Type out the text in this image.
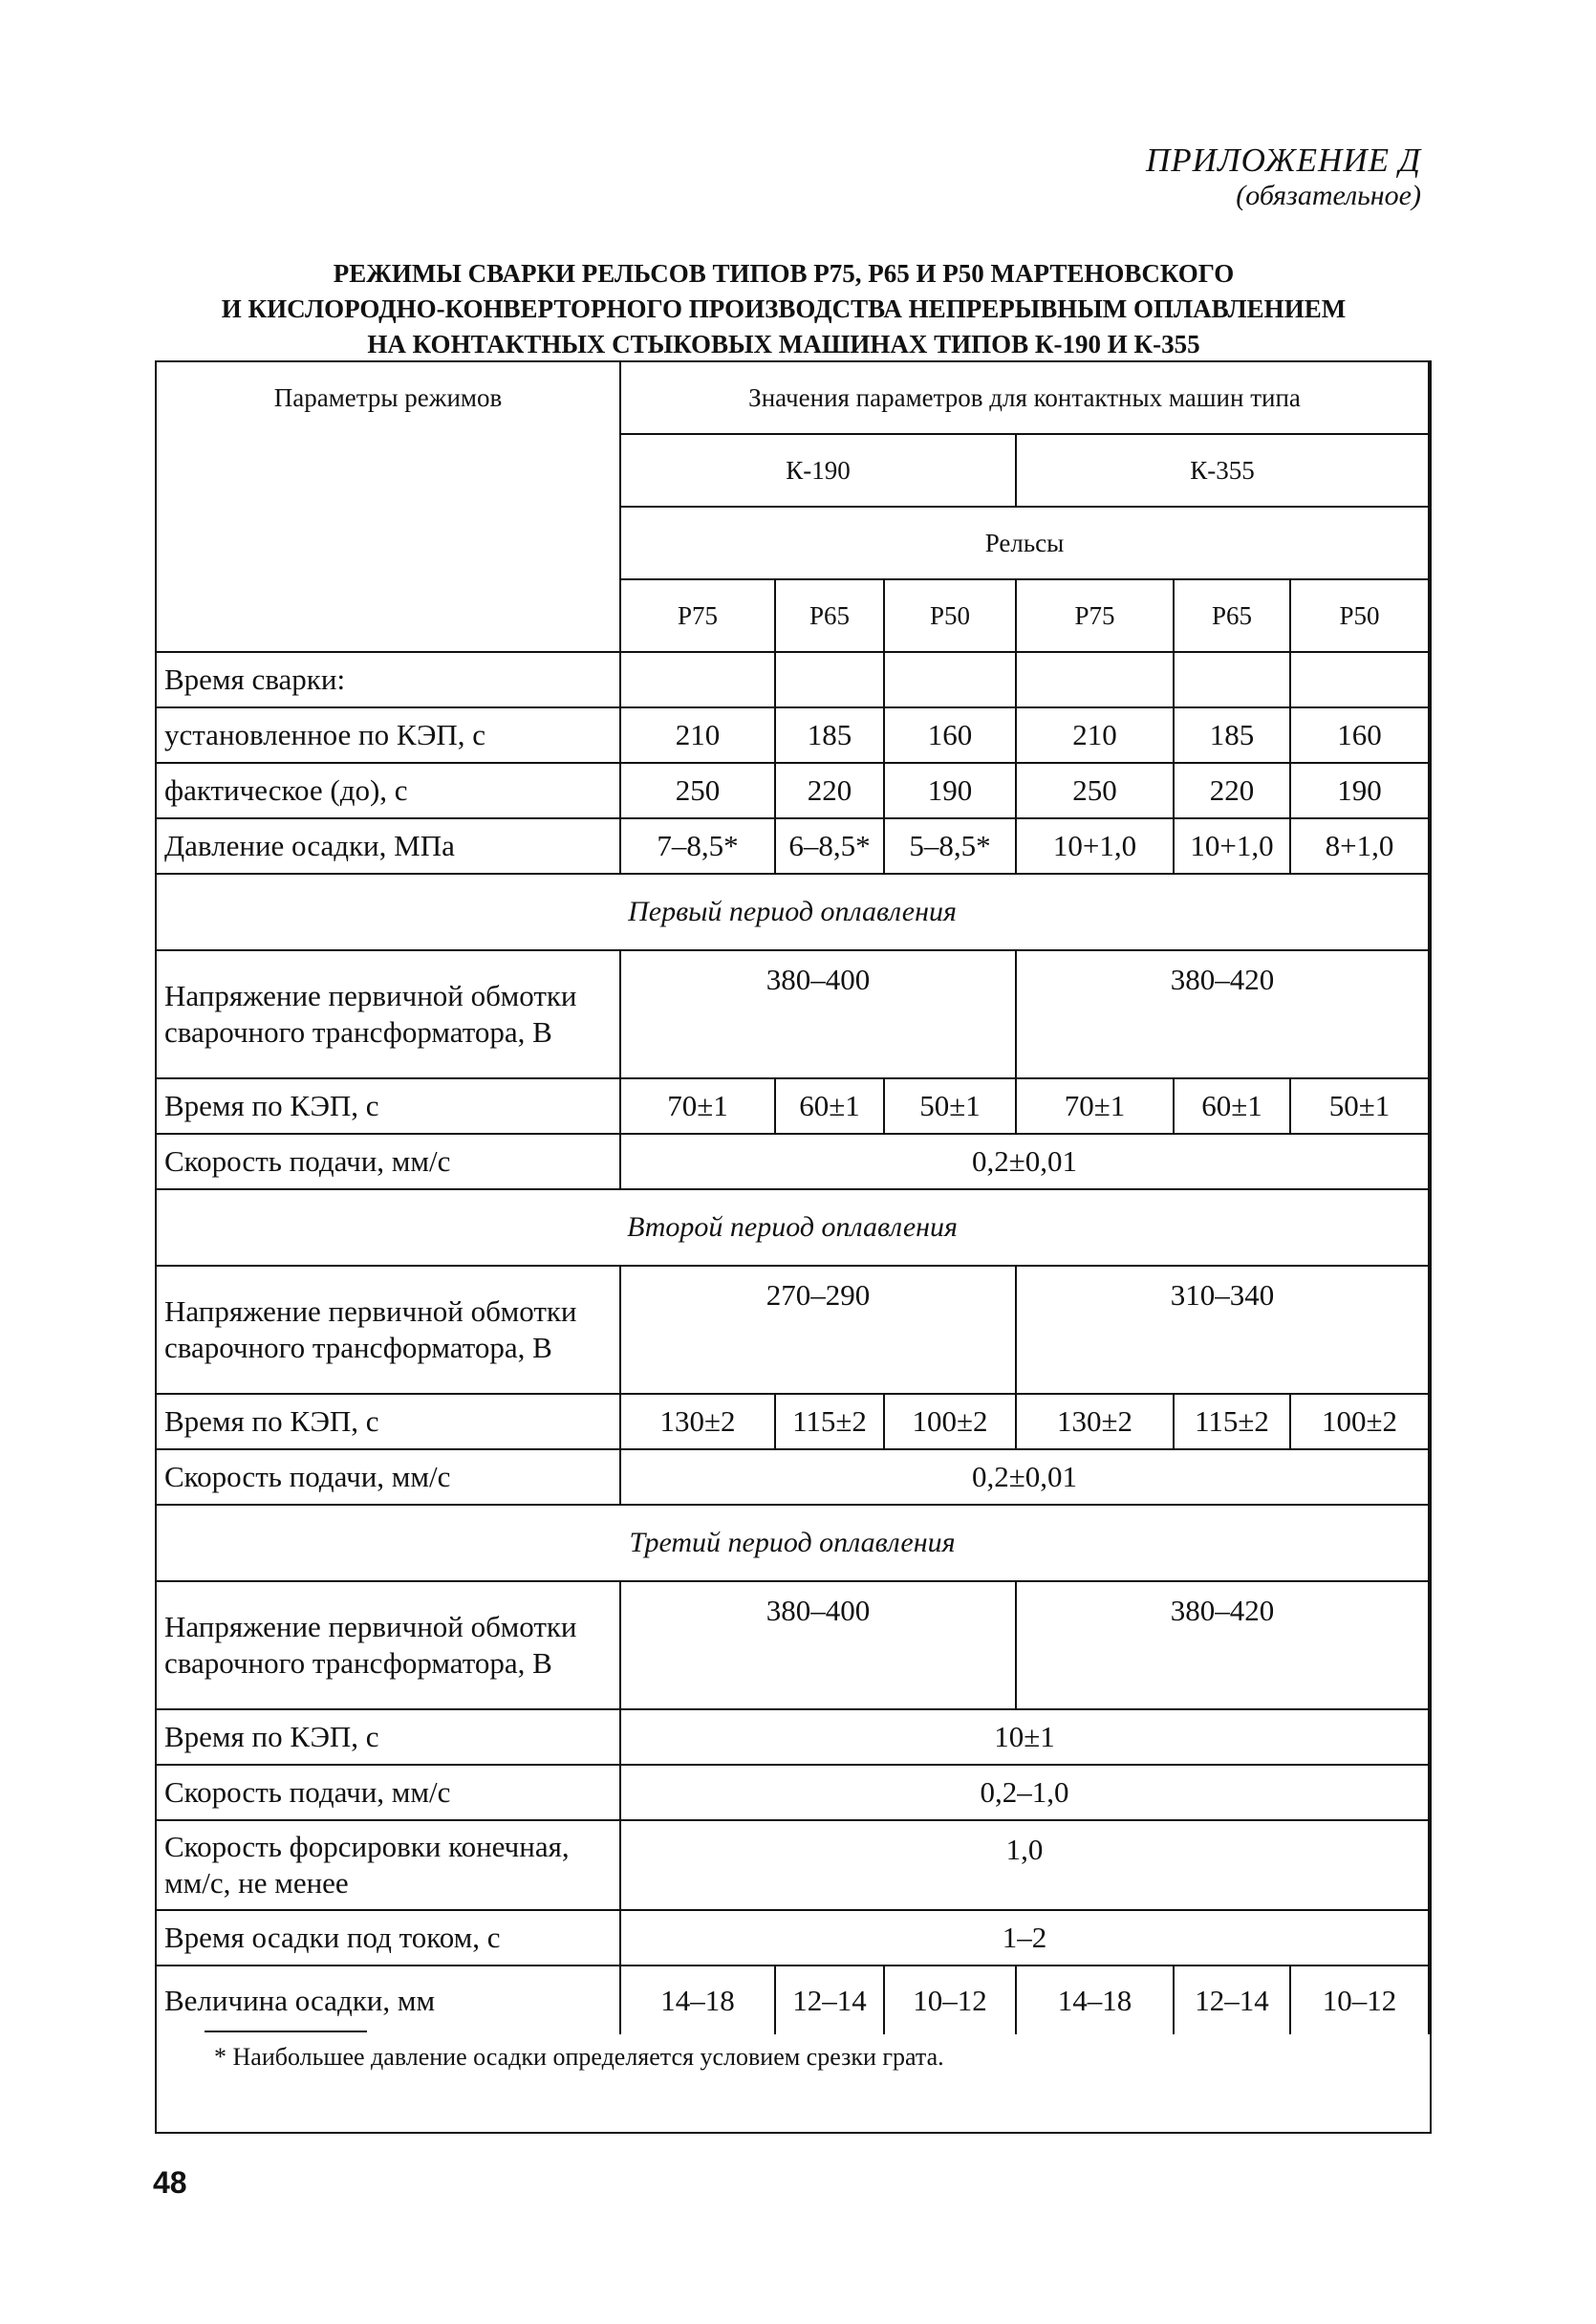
ПРИЛОЖЕНИЕ Д
(обязательное)
РЕЖИМЫ СВАРКИ РЕЛЬСОВ ТИПОВ Р75, Р65 И Р50 МАРТЕНОВСКОГО
И КИСЛОРОДНО-КОНВЕРТОРНОГО ПРОИЗВОДСТВА НЕПРЕРЫВНЫМ ОПЛАВЛЕНИЕМ
НА КОНТАКТНЫХ СТЫКОВЫХ МАШИНАХ ТИПОВ К-190 И К-355
Параметры режимов	Значения параметров для контактных машин типа					
	К-190			К-355		
	Рельсы					
	Р75	Р65	Р50	Р75	Р65	Р50
Время сварки:						
установленное по КЭП, с	210	185	160	210	185	160
фактическое (до), с	250	220	190	250	220	190
Давление осадки, МПа	7–8,5*	6–8,5*	5–8,5*	10+1,0	10+1,0	8+1,0
Первый период оплавления						
Напряжение первичной обмотки сварочного трансформатора, В	380–400			380–420		
Время по КЭП, с	70±1	60±1	50±1	70±1	60±1	50±1
Скорость подачи, мм/с	0,2±0,01					
Второй период оплавления						
Напряжение первичной обмотки сварочного трансформатора, В	270–290			310–340		
Время по КЭП, с	130±2	115±2	100±2	130±2	115±2	100±2
Скорость подачи, мм/с	0,2±0,01					
Третий период оплавления						
Напряжение первичной обмотки сварочного трансформатора, В	380–400			380–420		
Время по КЭП, с	10±1					
Скорость подачи, мм/с	0,2–1,0					
Скорость форсировки конечная, мм/с, не менее	1,0					
Время осадки под током, с	1–2					
Величина осадки, мм	14–18	12–14	10–12	14–18	12–14	10–12
* Наибольшее давление осадки определяется условием срезки грата.
48
